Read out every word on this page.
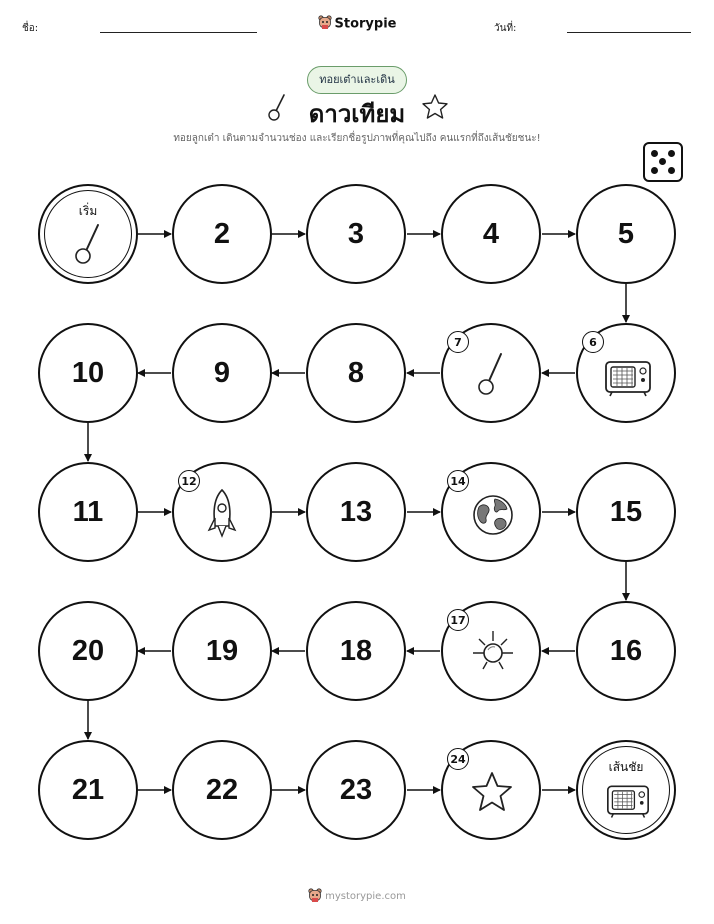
ชื่อ:	Storypie	วันที่:
ทอยเต๋าและเดิน
ดาวเทียม
ทอยลูกเต๋า เดินตามจำนวนช่อง และเรียกชื่อรูปภาพที่คุณไปถึง คนแรกที่ถึงเส้นชัยชนะ!
เริ่ม
2	3	4	5
10	9	8
7	6
11
12
13
14
15
20	19	18
17
16
21	22	23
24
เส้นชัย
mystorypie.com
